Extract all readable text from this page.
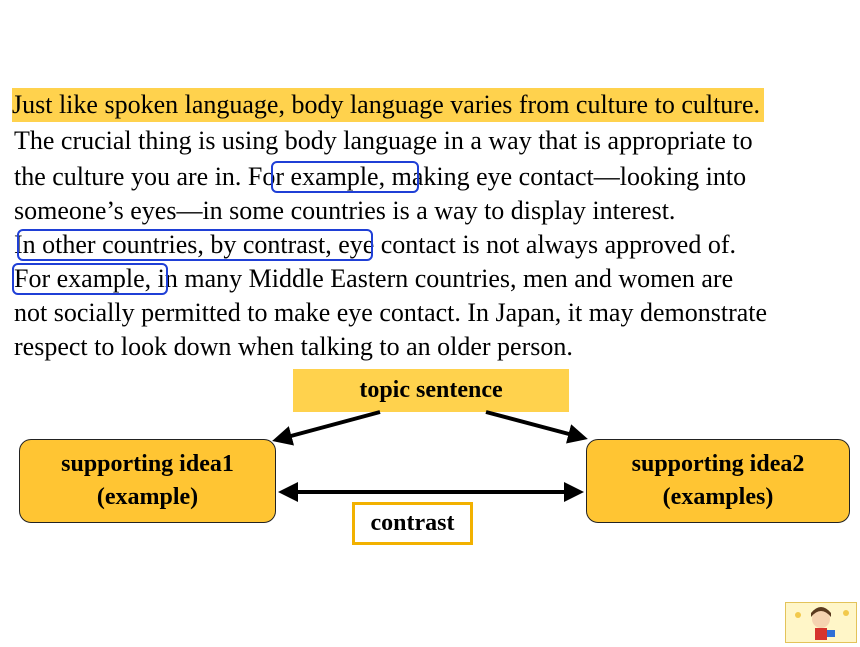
Just like spoken language, body language varies from culture to culture.
The crucial thing is using body language in a way that is appropriate to
the culture you are in. For example, making eye contact—looking into
someone’s eyes—in some countries is a way to display interest.
In other countries, by contrast, eye contact is not always approved of.
For example, in many Middle Eastern countries, men and women are
not socially permitted to make eye contact. In Japan, it may demonstrate
respect to look down when talking to an older person.
topic sentence
supporting idea1
(example)
supporting idea2
(examples)
contrast
